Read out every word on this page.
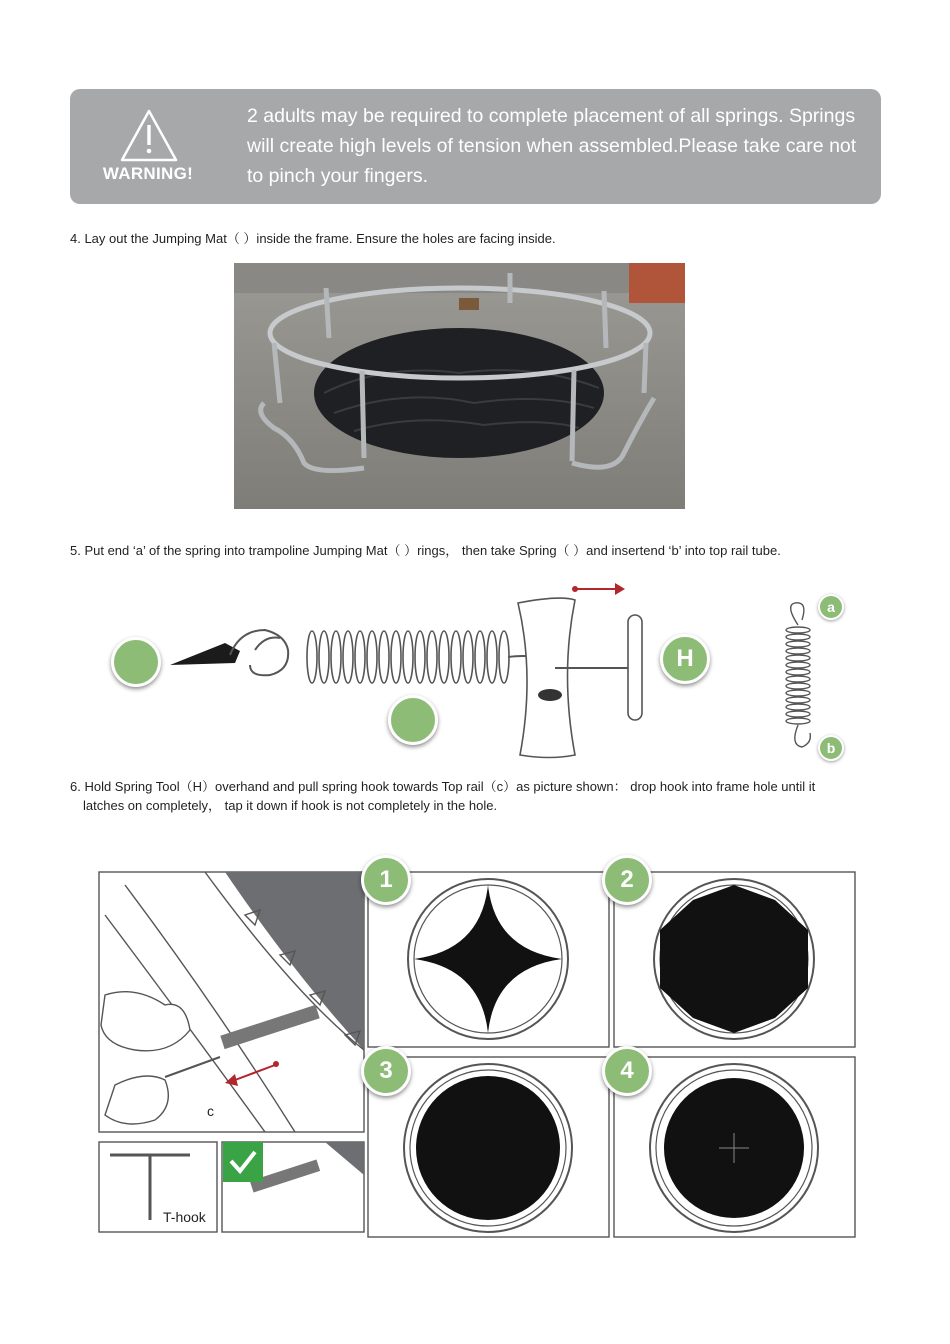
WARNING!
2 adults may be required to complete placement of all springs. Springs will create high levels of tension when assembled.Please take care not to pinch your fingers.
4. Lay out the Jumping Mat（ ）inside the frame. Ensure the holes are facing inside.
5. Put end ‘a’ of the spring into trampoline Jumping Mat（ ）rings， then take Spring（ ）and insertend ‘b’ into top rail tube.
H
a
b
6. Hold Spring Tool（H）overhand and pull spring hook towards Top rail（c）as picture shown： drop hook into frame hole until it
latches on completely， tap it down if hook is not completely in the hole.
c
T-hook
1	2
3	4
